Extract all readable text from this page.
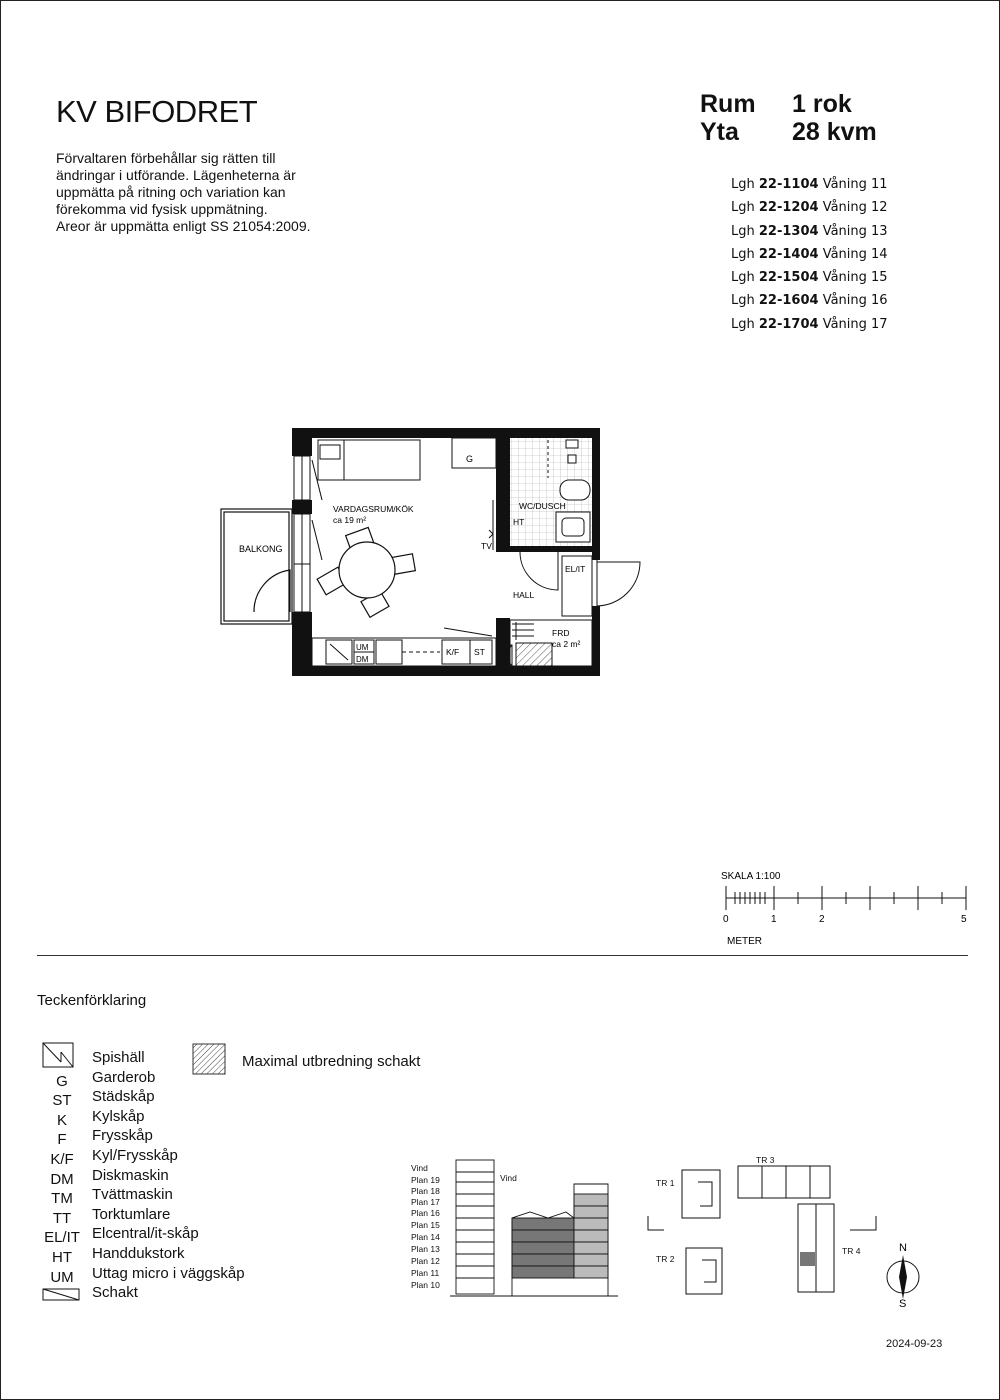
KV BIFODRET
Förvaltaren förbehållar sig rätten till
ändringar i utförande. Lägenheterna är
uppmätta på ritning och variation kan
förekomma vid fysisk uppmätning.
Areor är uppmätta enligt SS 21054:2009.
Rum 1 rok
Yta 28 kvm
Lgh 22-1104 Våning 11
Lgh 22-1204 Våning 12
Lgh 22-1304 Våning 13
Lgh 22-1404 Våning 14
Lgh 22-1504 Våning 15
Lgh 22-1604 Våning 16
Lgh 22-1704 Våning 17
BALKONG
G
VARDAGSRUM/KÖK
ca 19 m²
TV
HT
WC/DUSCH
EL/IT
HALL
FRD
ca 2 m²
UM
DM
K/F ST
SKALA 1:100
0	1	2	5
METER
Teckenförklaring
Spishäll
G	Garderob
ST	Städskåp
K	Kylskåp
F	Frysskåp
K/F	Kyl/Frysskåp
DM	Diskmaskin
TM	Tvättmaskin
TT	Torktumlare
EL/IT Elcentral/it-skåp
HT	Handdukstork
UM	Uttag micro i väggskåp
Schakt
Maximal utbredning schakt
Vind
Plan 19
Plan 18
Plan 17
Plan 16
Plan 15
Plan 14
Plan 13
Plan 12
Plan 11
Plan 10
Vind	TR 1
TR 2
TR 3
TR 4	N
S
2024-09-23
